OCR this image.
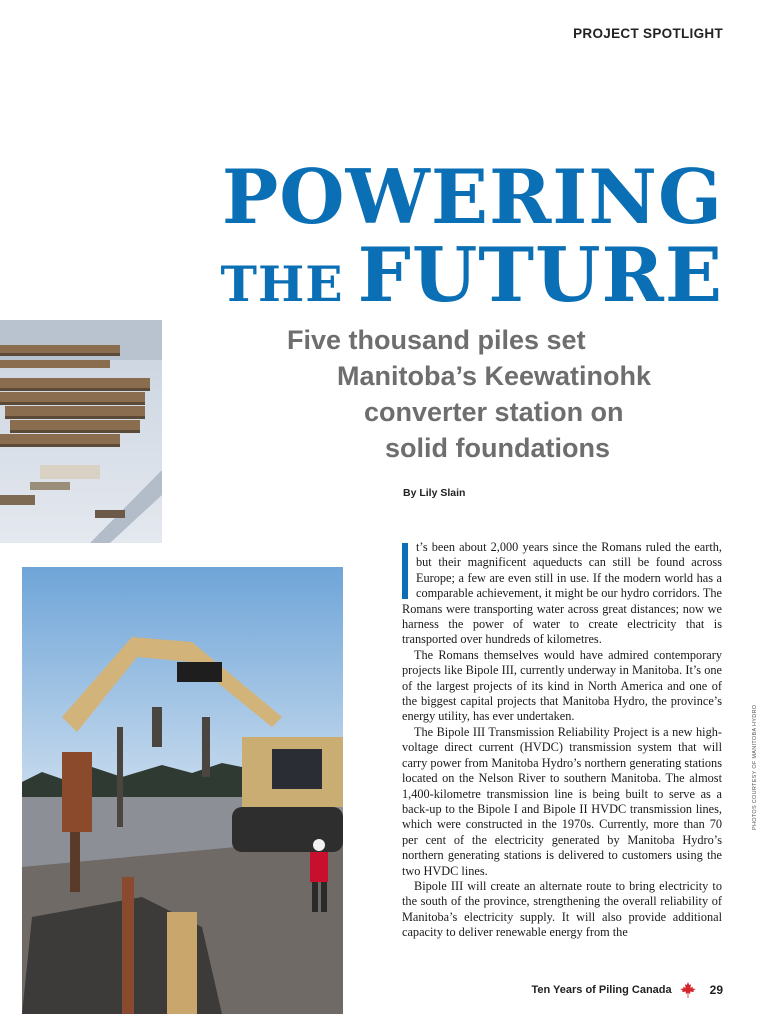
PROJECT SPOTLIGHT
POWERING
THE FUTURE
Five thousand piles set
Manitoba’s Keewatinohk
converter station on
solid foundations
By Lily Slain

t’s been about 2,000 years since the Romans ruled the earth, but their magnificent aqueducts can still be found across Europe; a few are even still in use. If the modern world has a comparable achievement, it might be our hydro corridors. The Romans were transporting water across great distances; now we harness the power of water to create electricity that is transported over hundreds of kilometres.

The Romans themselves would have admired contemporary projects like Bipole III, currently underway in Manitoba. It’s one of the largest projects of its kind in North America and one of the biggest capital projects that Manitoba Hydro, the province’s energy utility, has ever undertaken.

The Bipole III Transmission Reliability Project is a new high-voltage direct current (HVDC) transmission system that will carry power from Manitoba Hydro’s northern generating stations located on the Nelson River to southern Manitoba. The almost 1,400-kilometre transmission line is being built to serve as a back-up to the Bipole I and Bipole II HVDC transmission lines, which were constructed in the 1970s. Currently, more than 70 per cent of the electricity generated by Manitoba Hydro’s northern generating stations is delivered to customers using the two HVDC lines.

Bipole III will create an alternate route to bring electricity to the south of the province, strengthening the overall reliability of Manitoba’s electricity supply. It will also provide additional capacity to deliver renewable energy from the

PHOTOS COURTESY OF MANITOBA HYDRO
Ten Years of Piling Canada	29
